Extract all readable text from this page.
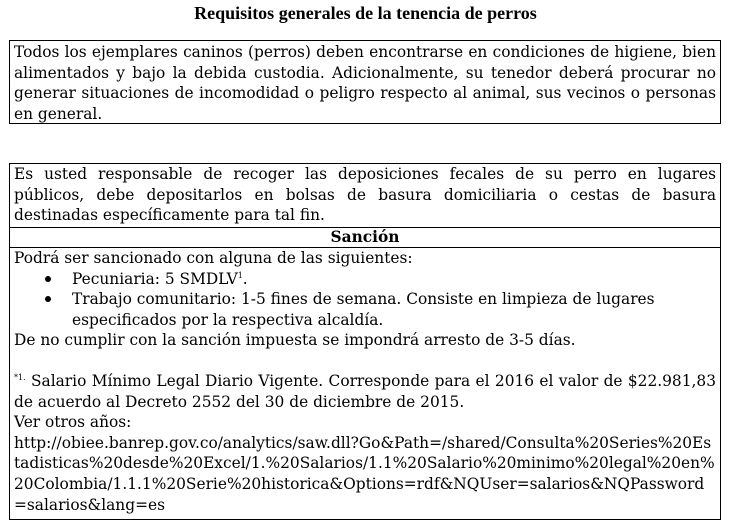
Requisitos generales de la tenencia de perros

Todos los ejemplares caninos (perros) deben encontrarse en condiciones de higiene, bien alimentados y bajo la debida custodia. Adicionalmente, su tenedor deberá procurar no generar situaciones de incomodidad o peligro respecto al animal, sus vecinos o personas en general.

Es usted responsable de recoger las deposiciones fecales de su perro en lugares públicos, debe depositarlos en bolsas de basura domiciliaria o cestas de basura destinadas específicamente para tal fin.

Sanción

Podrá ser sancionado con alguna de las siguientes:

Pecuniaria: 5 SMDLV$^1$.
Trabajo comunitario: 1-5 fines de semana. Consiste en limpieza de lugares especificados por la respectiva alcaldía.

De no cumplir con la sanción impuesta se impondrá arresto de 3-5 días.

$^{*1.}$ Salario Mínimo Legal Diario Vigente. Corresponde para el 2016 el valor de $22.981,83 de acuerdo al Decreto 2552 del 30 de diciembre de 2015.

Ver otros años:

http://obiee.banrep.gov.co/analytics/saw.dll?Go&Path=/shared/Consulta%20Series%20Estadisticas%20desde%20Excel/1.%20Salarios/1.1%20Salario%20minimo%20legal%20en%20Colombia/1.1.1%20Serie%20historica&Options=rdf&NQUser=salarios&NQPassword=salarios&lang=es
